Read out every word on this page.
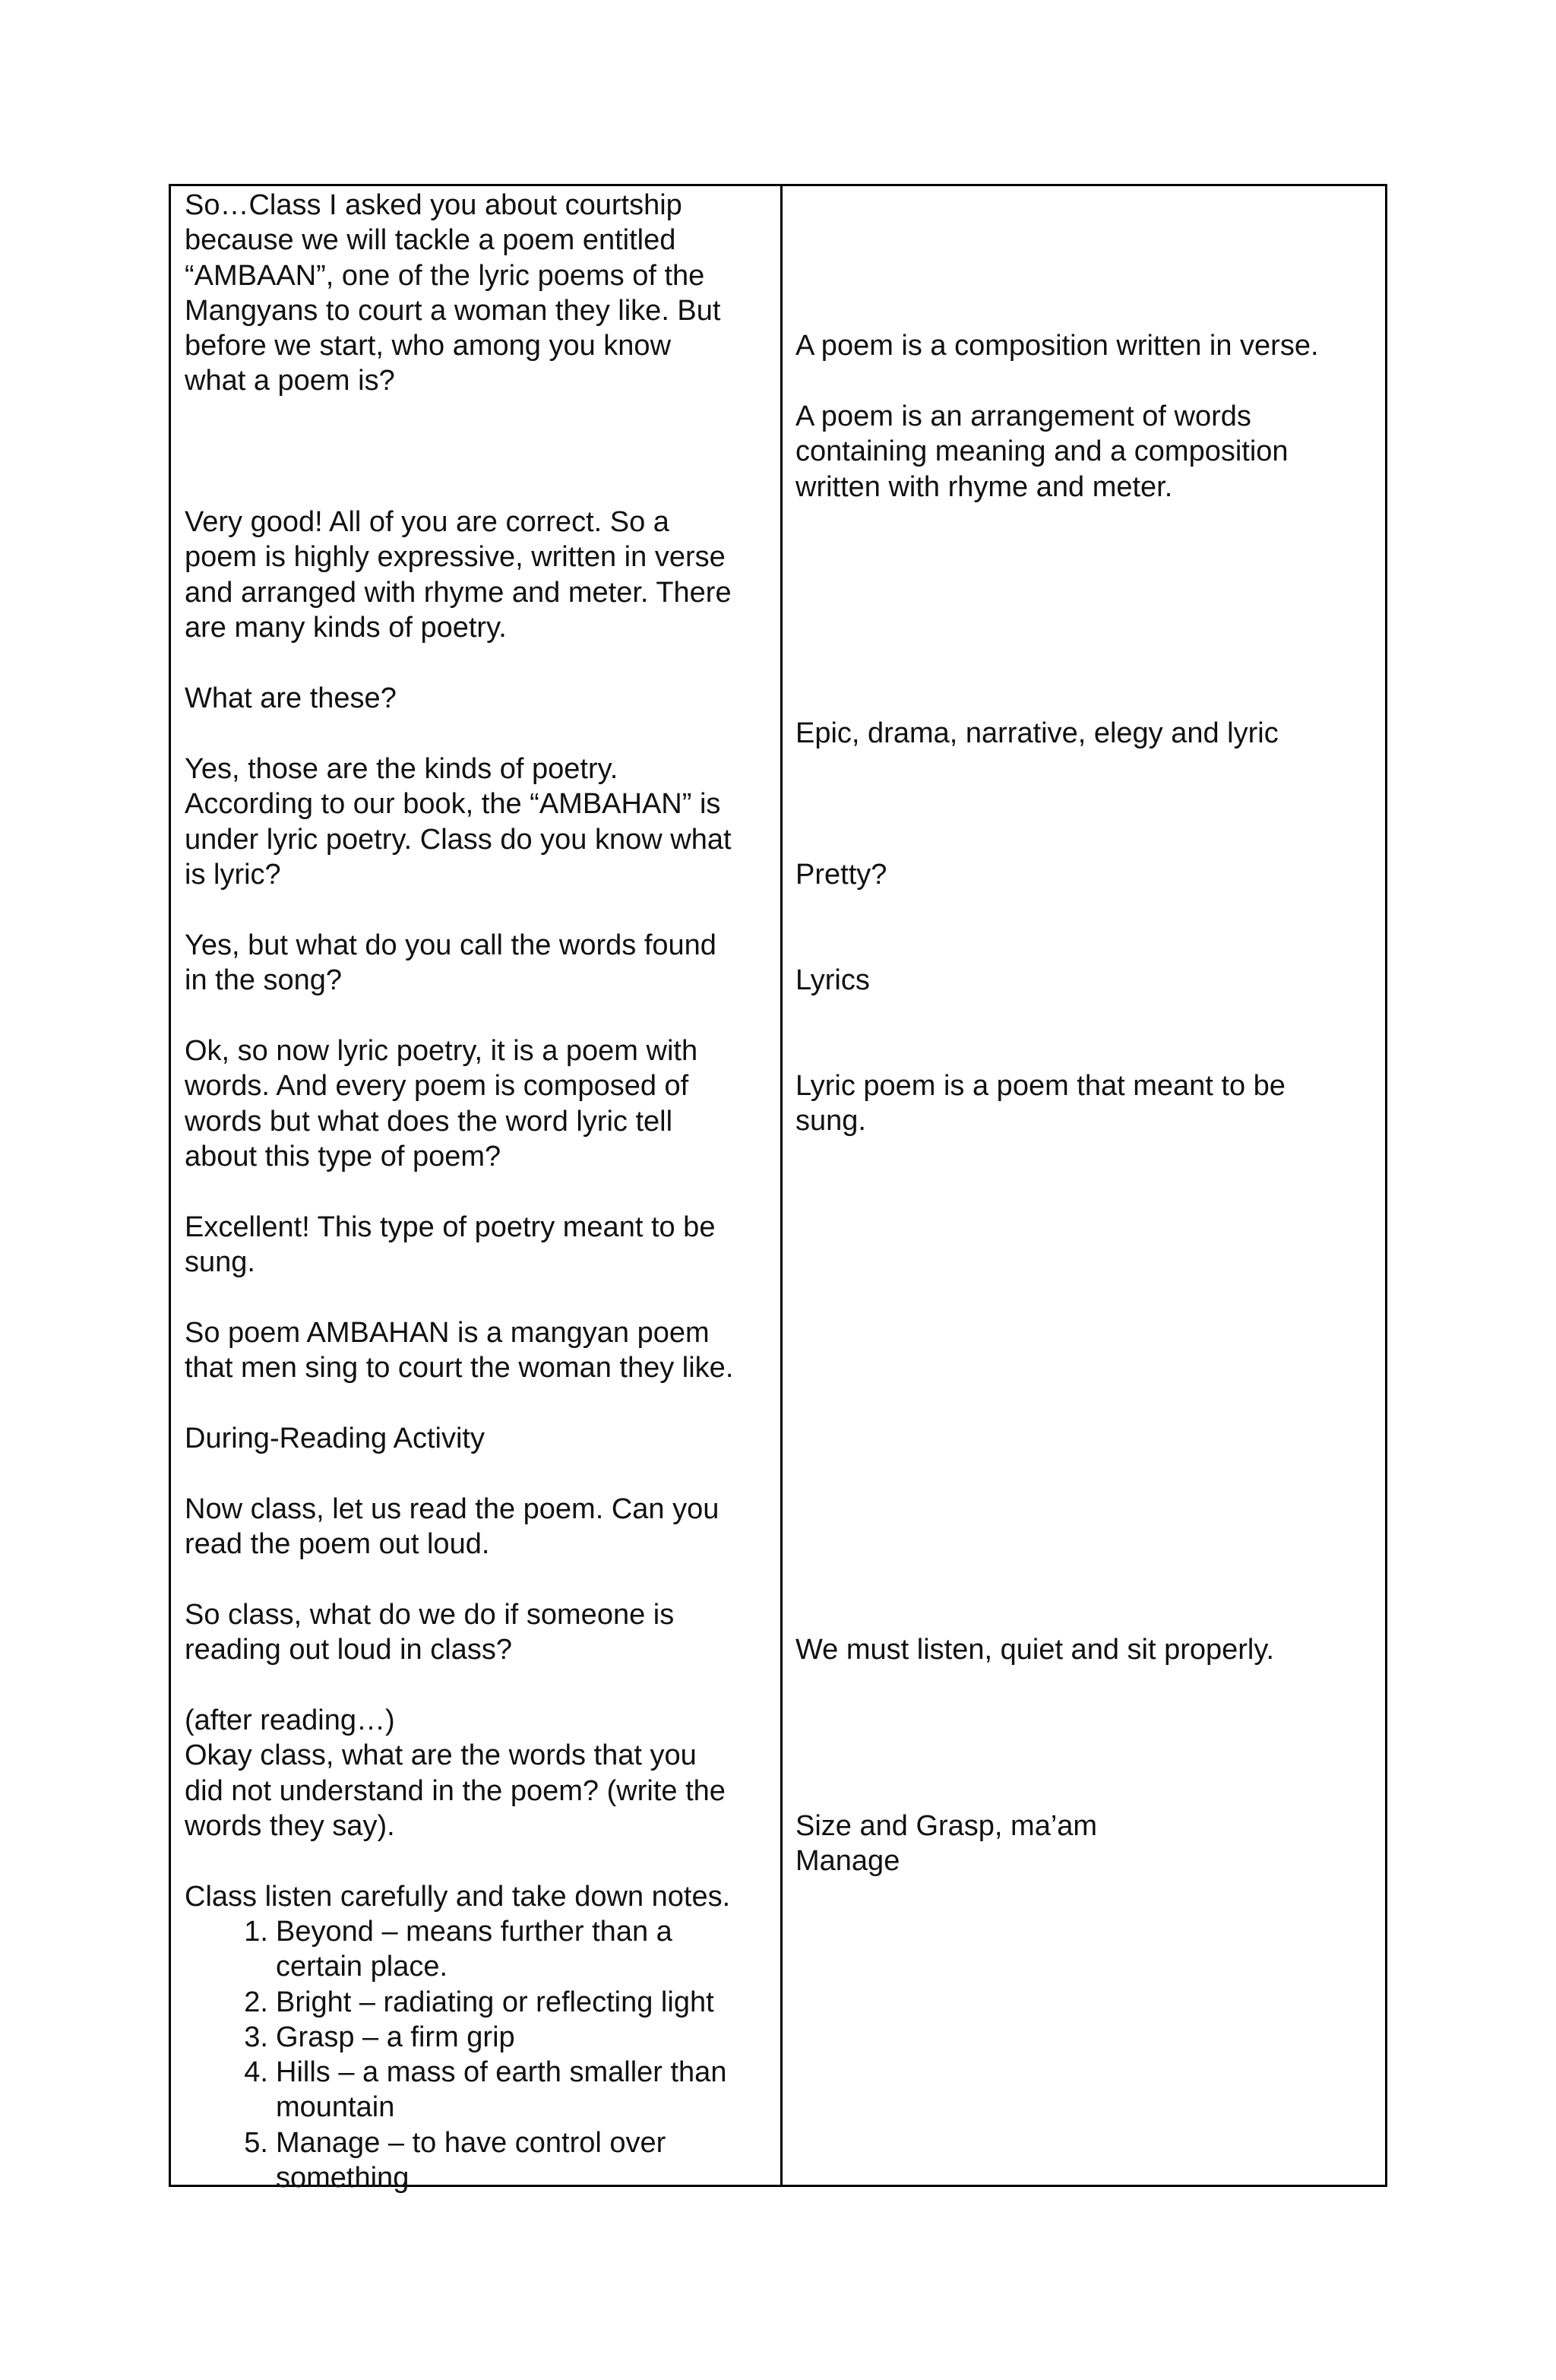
So…Class I asked you about courtship
because we will tackle a poem entitled
“AMBAAN”, one of the lyric poems of the
Mangyans to court a woman they like. But
before we start, who among you know
what a poem is?

Very good! All of you are correct. So a
poem is highly expressive, written in verse
and arranged with rhyme and meter. There
are many kinds of poetry.

What are these?

Yes, those are the kinds of poetry.
According to our book, the “AMBAHAN” is
under lyric poetry. Class do you know what
is lyric?

Yes, but what do you call the words found
in the song?

Ok, so now lyric poetry, it is a poem with
words. And every poem is composed of
words but what does the word lyric tell
about this type of poem?

Excellent! This type of poetry meant to be
sung.

So poem AMBAHAN is a mangyan poem
that men sing to court the woman they like.

During-Reading Activity

Now class, let us read the poem. Can you
read the poem out loud.

So class, what do we do if someone is
reading out loud in class?

(after reading…)
Okay class, what are the words that you
did not understand in the poem? (write the
words they say).

Class listen carefully and take down notes.

1. Beyond – means further than a
certain place.
2. Bright – radiating or reflecting light
3. Grasp – a firm grip
4. Hills – a mass of earth smaller than
mountain
5. Manage – to have control over
something

A poem is a composition written in verse.

A poem is an arrangement of words
containing meaning and a composition
written with rhyme and meter.

Epic, drama, narrative, elegy and lyric

Pretty?

Lyrics

Lyric poem is a poem that meant to be
sung.

We must listen, quiet and sit properly.

Size and Grasp, ma’am
Manage
